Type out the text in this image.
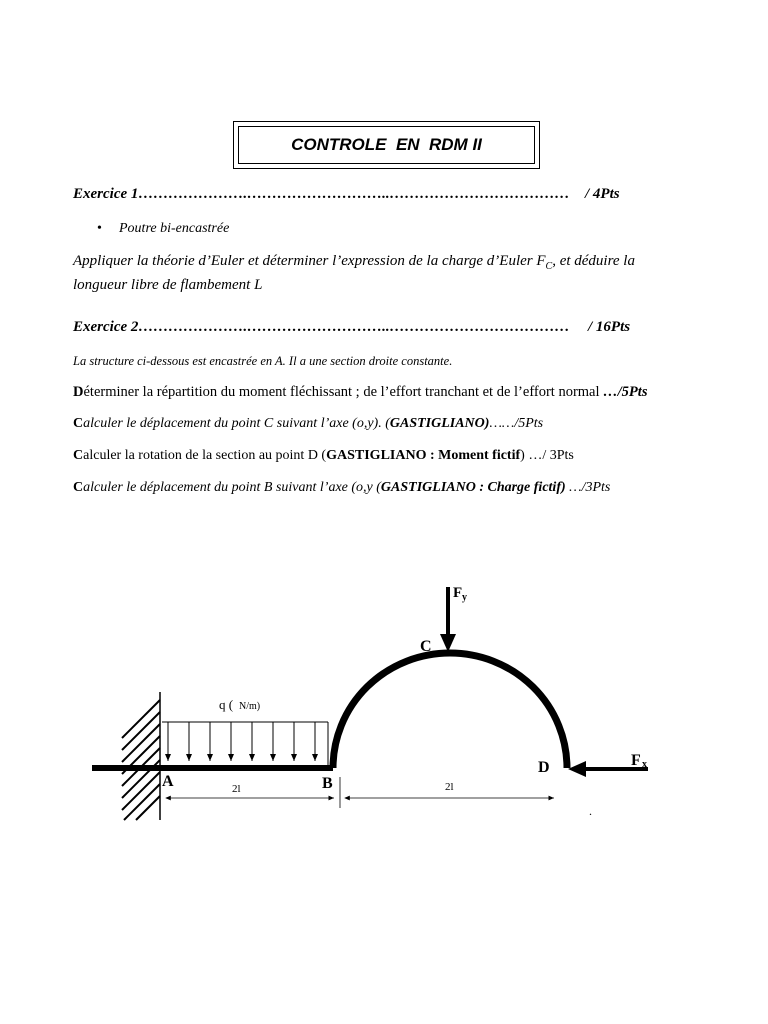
CONTROLE  EN  RDM II
Exercice 1………………….………………………..……………………………… / 4Pts
• Poutre bi-encastrée
Appliquer la théorie d’Euler et déterminer l’expression de la charge d’Euler $F_C$, et déduire la longueur libre de flambement L
Exercice 2………………….………………………..……………………………… / 16Pts
La structure ci-dessous est encastrée en A. Il a une section droite constante.
Déterminer la répartition du moment fléchissant ; de l’effort tranchant et de l’effort normal …/5Pts
Calculer le déplacement du point C suivant l’axe (o,y). (GASTIGLIANO)……/5Pts
Calculer la rotation de la section au point D (GASTIGLIANO : Moment fictif) …/ 3Pts
Calculer le déplacement du point B suivant l’axe (o,y (GASTIGLIANO : Charge fictif) …/3Pts
q ( N/m)
F y
F x
C
A	B
D
2l	2l
.
